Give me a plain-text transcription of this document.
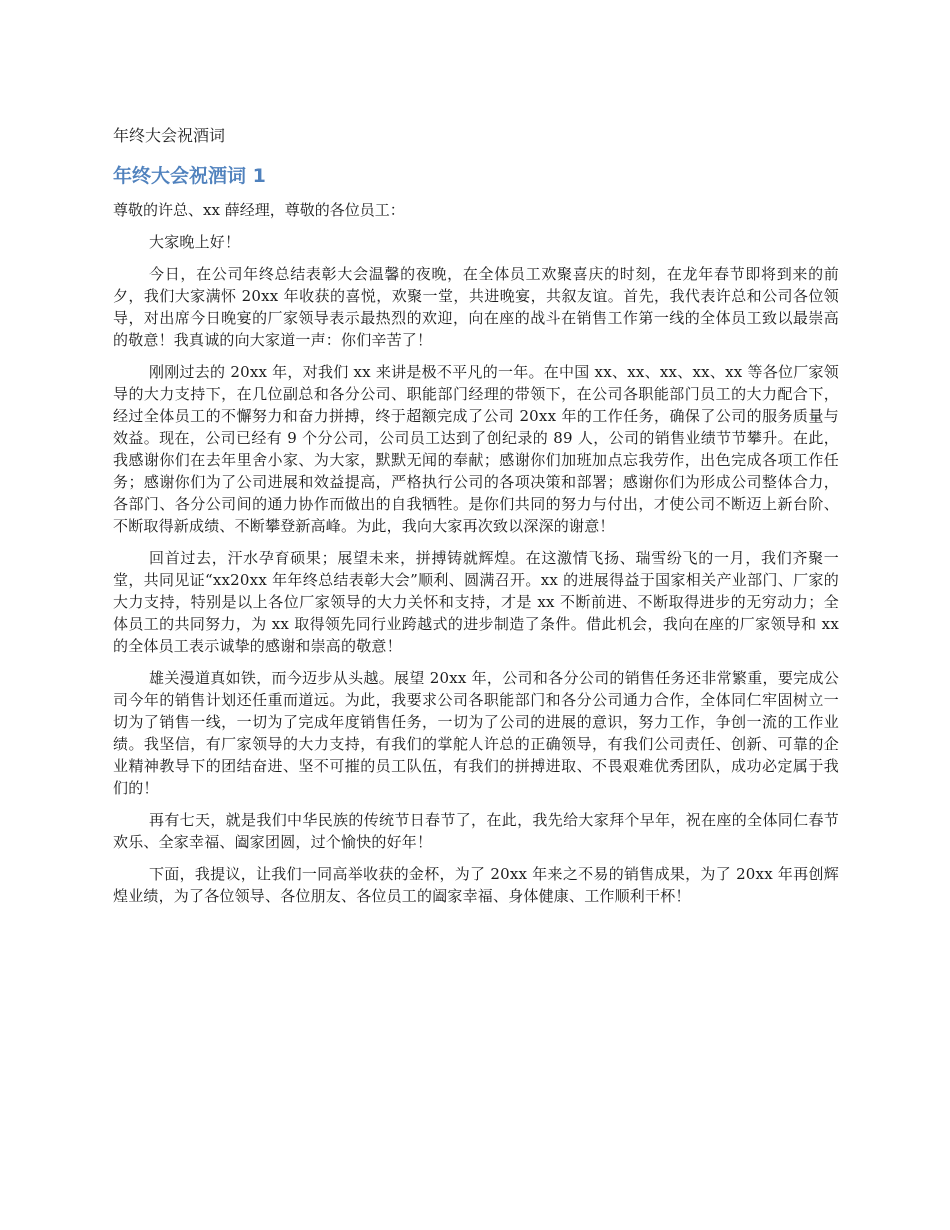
年终大会祝酒词
年终大会祝酒词 1

尊敬的许总、xx 薛经理，尊敬的各位员工：

大家晚上好！

今日，在公司年终总结表彰大会温馨的夜晚，在全体员工欢聚喜庆的时刻，在龙年春节即将到来的前夕，我们大家满怀 20xx 年收获的喜悦，欢聚一堂，共进晚宴，共叙友谊。首先，我代表许总和公司各位领导，对出席今日晚宴的厂家领导表示最热烈的欢迎，向在座的战斗在销售工作第一线的全体员工致以最崇高的敬意！我真诚的向大家道一声：你们辛苦了！

刚刚过去的 20xx 年，对我们 xx 来讲是极不平凡的一年。在中国 xx、xx、xx、xx、xx 等各位厂家领导的大力支持下，在几位副总和各分公司、职能部门经理的带领下，在公司各职能部门员工的大力配合下，经过全体员工的不懈努力和奋力拼搏，终于超额完成了公司 20xx 年的工作任务，确保了公司的服务质量与效益。现在，公司已经有 9 个分公司，公司员工达到了创纪录的 89 人，公司的销售业绩节节攀升。在此，我感谢你们在去年里舍小家、为大家，默默无闻的奉献；感谢你们加班加点忘我劳作，出色完成各项工作任务；感谢你们为了公司进展和效益提高，严格执行公司的各项决策和部署；感谢你们为形成公司整体合力，各部门、各分公司间的通力协作而做出的自我牺牲。是你们共同的努力与付出，才使公司不断迈上新台阶、不断取得新成绩、不断攀登新高峰。为此，我向大家再次致以深深的谢意！

回首过去，汗水孕育硕果；展望未来，拼搏铸就辉煌。在这激情飞扬、瑞雪纷飞的一月，我们齐聚一堂，共同见证“xx20xx 年年终总结表彰大会”顺利、圆满召开。xx 的进展得益于国家相关产业部门、厂家的大力支持，特别是以上各位厂家领导的大力关怀和支持，才是 xx 不断前进、不断取得进步的无穷动力；全体员工的共同努力，为 xx 取得领先同行业跨越式的进步制造了条件。借此机会，我向在座的厂家领导和 xx 的全体员工表示诚挚的感谢和崇高的敬意！

雄关漫道真如铁，而今迈步从头越。展望 20xx 年，公司和各分公司的销售任务还非常繁重，要完成公司今年的销售计划还任重而道远。为此，我要求公司各职能部门和各分公司通力合作，全体同仁牢固树立一切为了销售一线，一切为了完成年度销售任务，一切为了公司的进展的意识，努力工作，争创一流的工作业绩。我坚信，有厂家领导的大力支持，有我们的掌舵人许总的正确领导，有我们公司责任、创新、可靠的企业精神教导下的团结奋进、坚不可摧的员工队伍，有我们的拼搏进取、不畏艰难优秀团队，成功必定属于我们的！

再有七天，就是我们中华民族的传统节日春节了，在此，我先给大家拜个早年，祝在座的全体同仁春节欢乐、全家幸福、阖家团圆，过个愉快的好年！

下面，我提议，让我们一同高举收获的金杯，为了 20xx 年来之不易的销售成果，为了 20xx 年再创辉煌业绩，为了各位领导、各位朋友、各位员工的阖家幸福、身体健康、工作顺利干杯！
